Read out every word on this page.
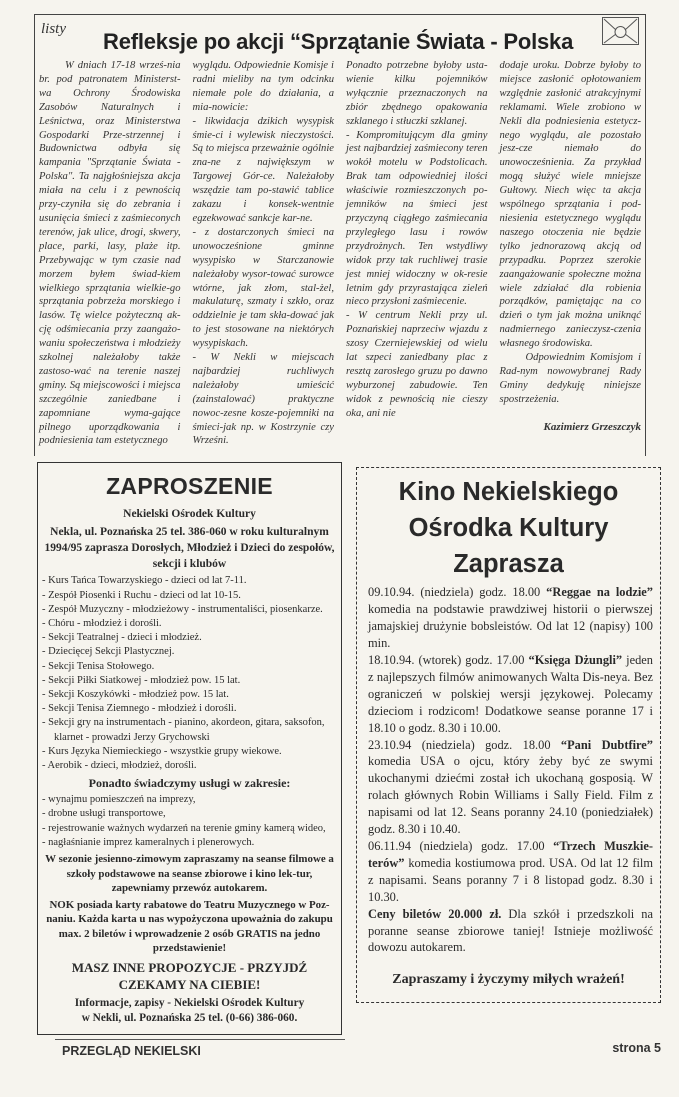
listy Refleksje po akcji “Sprzątanie Świata - Polska

W dniach 17-18 wrześ-nia br. pod patronatem Ministerst-wa Ochrony Środowiska Zasobów Naturalnych i Leśnictwa, oraz Ministerstwa Gospodarki Prze-strzennej i Budownictwa odbyła się kampania "Sprzątanie Świata - Polska". Ta najgłośniejsza akcja miała na celu i z pewnością przy-czyniła się do zebrania i usunięcia śmieci z zaśmieconych terenów, jak ulice, drogi, skwery, place, parki, lasy, plaże itp. Przebywając w tym czasie nad morzem byłem świad-kiem wielkiego sprzątania wielkie-go sprzątania pobrzeża morskiego i lasów. Tę wielce pożyteczną ak-cję odśmiecania przy zaangażo-waniu społeczeństwa i młodzieży szkolnej należałoby także zastoso-wać na terenie naszej gminy. Są miejscowości i miejsca szczególnie zaniedbane i zapomniane wyma-gające pilnego uporządkowania i podniesienia tam estetycznego

wyglądu. Odpowiednie Komisje i radni mieliby na tym odcinku niemałe pole do działania, a mia-nowicie:

- likwidacja dzikich wysypisk śmie-ci i wylewisk nieczystości. Są to miejsca przeważnie ogólnie zna-ne z największym w Targowej Gór-ce. Należałoby wszędzie tam po-stawić tablice zakazu i konsek-wentnie egzekwować sankcje kar-ne.

- z dostarczonych śmieci na unowocześnione gminne wysypisko w Starczanowie należałoby wysor-tować surowce wtórne, jak złom, stal-żel, makulaturę, szmaty i szkło, oraz oddzielnie je tam skła-dować jak to jest stosowane na niektórych wysypiskach.

- W Nekli w miejscach najbardziej ruchliwych należałoby umieścić (zainstalować) praktyczne nowoc-zesne kosze-pojemniki na śmieci-jak np. w Kostrzynie czy Wrześni.

Ponadto potrzebne byłoby usta-wienie kilku pojemników wyłącznie przeznaczonych na zbiór zbędnego opakowania szklanego i stłuczki szklanej.

- Kompromitującym dla gminy jest najbardziej zaśmiecony teren wokół motelu w Podstolicach. Brak tam odpowiedniej ilości właściwie rozmieszczonych po-jemników na śmieci jest przyczyną ciągłego zaśmiecania przyległego lasu i rowów przydrożnych. Ten wstydliwy widok przy tak ruchliwej trasie jest mniej widoczny w ok-resie letnim gdy przyrastająca zieleń nieco przysłoni zaśmiecenie.

- W centrum Nekli przy ul. Poznańskiej naprzeciw wjazdu z szosy Czerniejewskiej od wielu lat szpeci zaniedbany plac z resztą zarosłego gruzu po dawno wyburzonej zabudowie. Ten widok z pewnością nie cieszy oka, ani nie

dodaje uroku. Dobrze byłoby to miejsce zasłonić opłotowaniem względnie zasłonić atrakcyjnymi reklamami. Wiele zrobiono w Nekli dla podniesienia estetycz-nego wyglądu, ale pozostało jesz-cze niemało do unowocześnienia. Za przykład mogą służyć wiele mniejsze Gułtowy. Niech więc ta akcja wspólnego sprzątania i pod-niesienia estetycznego wyglądu naszego otoczenia nie będzie tylko jednorazową akcją od przypadku. Poprzez szerokie zaangażowanie społeczne można wiele zdziałać dla robienia porządków, pamiętając na co dzień o tym jak można uniknąć nadmiernego zanieczysz-czenia własnego środowiska.

Odpowiednim Komisjom i Rad-nym nowowybranej Rady Gminy dedykuję niniejsze spostrzeżenia.

Kazimierz Grzeszczyk

ZAPROSZENIE
Nekielski Ośrodek Kultury
Nekla, ul. Poznańska 25 tel. 386-060 w roku kulturalnym 1994/95 zaprasza Dorosłych, Młodzież i Dzieci do zespołów, sekcji i klubów
- Kurs Tańca Towarzyskiego - dzieci od lat 7-11.
- Zespół Piosenki i Ruchu - dzieci od lat 10-15.
- Zespół Muzyczny - młodzieżowy - instrumentaliści, piosenkarze.
- Chóru - młodzież i dorośli.
- Sekcji Teatralnej - dzieci i młodzież.
- Dziecięcej Sekcji Plastycznej.
- Sekcji Tenisa Stołowego.
- Sekcji Piłki Siatkowej - młodzież pow. 15 lat.
- Sekcji Koszykówki - młodzież pow. 15 lat.
- Sekcji Tenisa Ziemnego - młodzież i dorośli.
- Sekcji gry na instrumentach - pianino, akordeon, gitara, saksofon,
klarnet - prowadzi Jerzy Grychowski
- Kurs Języka Niemieckiego - wszystkie grupy wiekowe.
- Aerobik - dzieci, młodzież, dorośli.
Ponadto świadczymy usługi w zakresie:
- wynajmu pomieszczeń na imprezy,
- drobne usługi transportowe,
- rejestrowanie ważnych wydarzeń na terenie gminy kamerą wideo,
- nagłaśnianie imprez kameralnych i plenerowych.
W sezonie jesienno-zimowym zapraszamy na seanse filmowe a szkoły podstawowe na seanse zbiorowe i kino lek-tur, zapewniamy przewóz autokarem.
NOK posiada karty rabatowe do Teatru Muzycznego w Poz-naniu. Każda karta u nas wypożyczona upoważnia do zakupu max. 2 biletów i wprowadzenie 2 osób GRATIS na jedno przedstawienie!
MASZ INNE PROPOZYCJE - PRZYJDŹ CZEKAMY NA CIEBIE!
Informacje, zapisy - Nekielski Ośrodek Kultury
w Nekli, ul. Poznańska 25 tel. (0-66) 386-060.
Kino Nekielskiego
Ośrodka Kultury
Zaprasza

09.10.94. (niedziela) godz. 18.00 “Reggae na lodzie” komedia na podstawie prawdziwej historii o pierwszej jamajskiej drużynie bobsleistów. Od lat 12 (napisy) 100 min.

18.10.94. (wtorek) godz. 17.00 “Księga Dżungli” jeden z najlepszych filmów animowanych Walta Dis-neya. Bez ograniczeń w polskiej wersji językowej. Polecamy dzieciom i rodzicom! Dodatkowe seanse poranne 17 i 18.10 o godz. 8.30 i 10.00.

23.10.94 (niedziela) godz. 18.00 “Pani Dubtfire” komedia USA o ojcu, który żeby być ze swymi ukochanymi dziećmi został ich ukochaną gosposią. W rolach głównych Robin Williams i Sally Field. Film z napisami od lat 12. Seans poranny 24.10 (poniedziałek) godz. 8.30 i 10.40.

06.11.94 (niedziela) godz. 17.00 “Trzech Muszkie-terów” komedia kostiumowa prod. USA. Od lat 12 film z napisami. Seans poranny 7 i 8 listopad godz. 8.30 i 10.30.

Ceny biletów 20.000 zł. Dla szkół i przedszkoli na poranne seanse zbiorowe taniej! Istnieje możliwość dowozu autokarem.

Zapraszamy i życzymy miłych wrażeń!
PRZEGLĄD NEKIELSKI	strona 5
